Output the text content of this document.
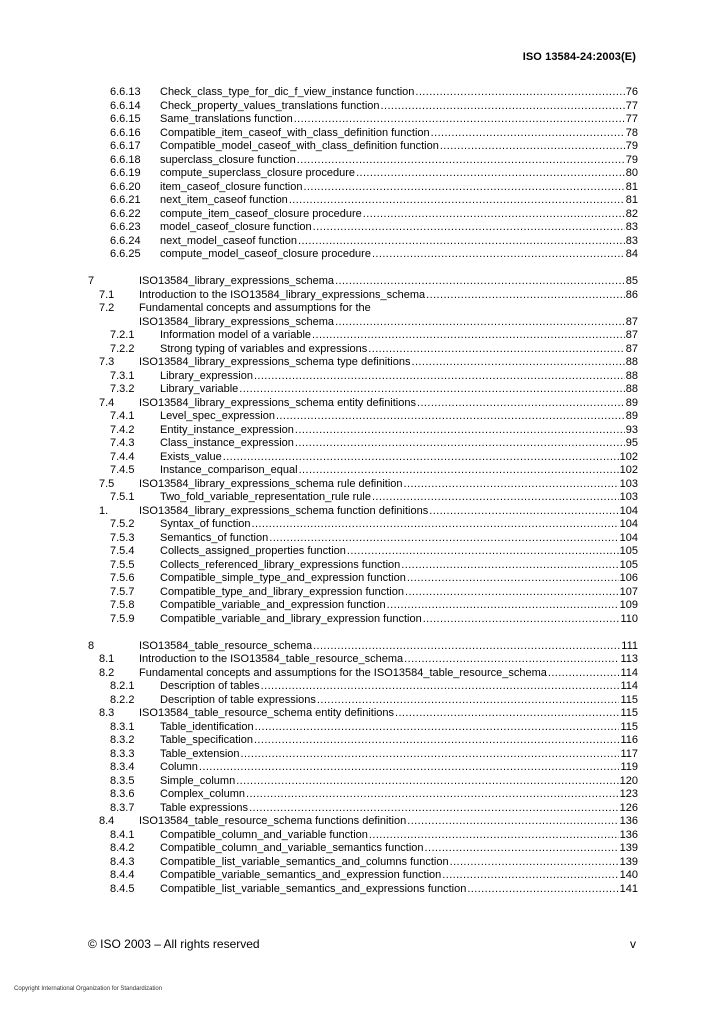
ISO 13584-24:2003(E)
6.6.13 Check_class_type_for_dic_f_view_instance function .....	76
6.6.14 Check_property_values_translations function .....	77
6.6.15 Same_translations function .....	77
6.6.16 Compatible_item_caseof_with_class_definition function .....	78
6.6.17 Compatible_model_caseof_with_class_definition function .....	79
6.6.18 superclass_closure function .....	79
6.6.19 compute_superclass_closure procedure .....	80
6.6.20 item_caseof_closure function .....	81
6.6.21 next_item_caseof function .....	81
6.6.22 compute_item_caseof_closure procedure .....	82
6.6.23 model_caseof_closure function .....	83
6.6.24 next_model_caseof function .....	83
6.6.25 compute_model_caseof_closure procedure .....	84
7	ISO13584_library_expressions_schema .....	85
7.1 Introduction to the ISO13584_library_expressions_schema .....	86
7.2 Fundamental concepts and assumptions for the
ISO13584_library_expressions_schema .....	87
7.2.1 Information model of a variable .....	87
7.2.2 Strong typing of variables and expressions .....	87
7.3 ISO13584_library_expressions_schema type definitions .....	88
7.3.1 Library_expression .....	88
7.3.2 Library_variable .....	88
7.4 ISO13584_library_expressions_schema entity definitions .....	89
7.4.1 Level_spec_expression .....	89
7.4.2 Entity_instance_expression .....	93
7.4.3 Class_instance_expression .....	95
7.4.4 Exists_value .....	102
7.4.5 Instance_comparison_equal .....	102
7.5 ISO13584_library_expressions_schema rule definition .....	103
7.5.1 Two_fold_variable_representation_rule rule .....	103
1.	ISO13584_library_expressions_schema function definitions .....	104
7.5.2 Syntax_of function .....	104
7.5.3 Semantics_of function .....	104
7.5.4 Collects_assigned_properties function .....	105
7.5.5 Collects_referenced_library_expressions function .....	105
7.5.6 Compatible_simple_type_and_expression function .....	106
7.5.7 Compatible_type_and_library_expression function .....	107
7.5.8 Compatible_variable_and_expression function .....	109
7.5.9 Compatible_variable_and_library_expression function .....	110
8	ISO13584_table_resource_schema .....	111
8.1 Introduction to the ISO13584_table_resource_schema .....	113
8.2 Fundamental concepts and assumptions for the ISO13584_table_resource_schema .....	114
8.2.1 Description of tables .....	114
8.2.2 Description of table expressions .....	115
8.3 ISO13584_table_resource_schema entity definitions .....	115
8.3.1 Table_identification .....	115
8.3.2 Table_specification .....	116
8.3.3 Table_extension .....	117
8.3.4 Column .....	119
8.3.5 Simple_column .....	120
8.3.6 Complex_column .....	123
8.3.7 Table expressions .....	126
8.4 ISO13584_table_resource_schema functions definition .....	136
8.4.1 Compatible_column_and_variable function .....	136
8.4.2 Compatible_column_and_variable_semantics function .....	139
8.4.3 Compatible_list_variable_semantics_and_columns function .....	139
8.4.4 Compatible_variable_semantics_and_expression function .....	140
8.4.5 Compatible_list_variable_semantics_and_expressions function .....	141
© ISO 2003 – All rights reserved	v
Copyright International Organization for Standardization
